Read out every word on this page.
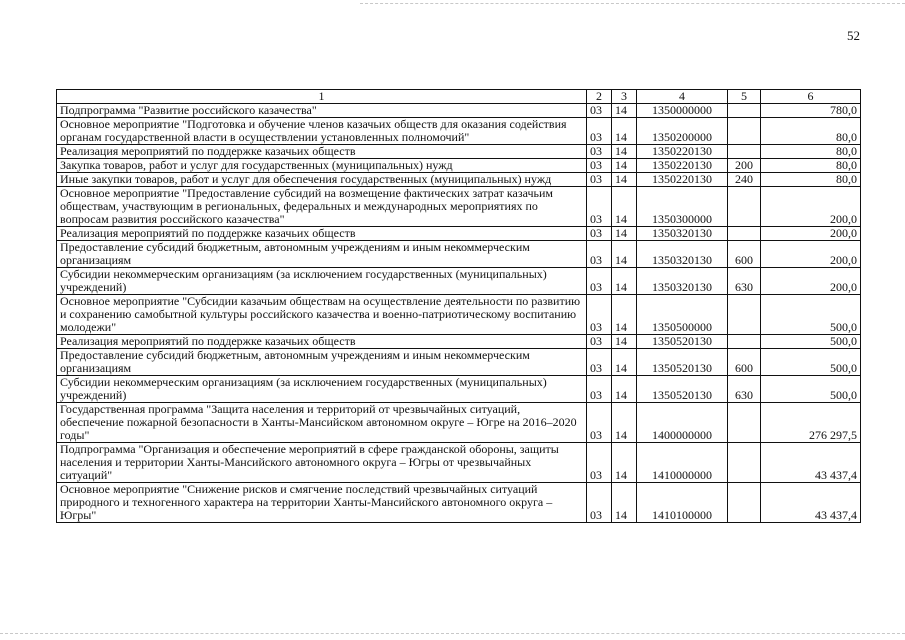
52
1	2	3	4	5	6
Подпрограмма "Развитие российского казачества"	03	14	1350000000		780,0
Основное мероприятие "Подготовка и обучение членов казачьих обществ для оказания содействия органам государственной власти в осуществлении установленных полномочий"	03	14	1350200000		80,0
Реализация мероприятий по поддержке казачьих обществ	03	14	1350220130		80,0
Закупка товаров, работ и услуг для государственных (муниципальных) нужд	03	14	1350220130	200	80,0
Иные закупки товаров, работ и услуг для обеспечения государственных (муниципальных) нужд	03	14	1350220130	240	80,0
Основное мероприятие "Предоставление субсидий на возмещение фактических затрат казачьим обществам, участвующим в региональных, федеральных и международных мероприятиях по вопросам развития российского казачества"	03	14	1350300000		200,0
Реализация мероприятий по поддержке казачьих обществ	03	14	1350320130		200,0
Предоставление субсидий бюджетным, автономным учреждениям и иным некоммерческим организациям	03	14	1350320130	600	200,0
Субсидии некоммерческим организациям (за исключением государственных (муниципальных) учреждений)	03	14	1350320130	630	200,0
Основное мероприятие "Субсидии казачьим обществам на осуществление деятельности по развитию и сохранению самобытной культуры российского казачества и военно-патриотическому воспитанию молодежи"	03	14	1350500000		500,0
Реализация мероприятий по поддержке казачьих обществ	03	14	1350520130		500,0
Предоставление субсидий бюджетным, автономным учреждениям и иным некоммерческим организациям	03	14	1350520130	600	500,0
Субсидии некоммерческим организациям (за исключением государственных (муниципальных) учреждений)	03	14	1350520130	630	500,0
Государственная программа "Защита населения и территорий от чрезвычайных ситуаций, обеспечение пожарной безопасности в Ханты-Мансийском автономном округе – Югре на 2016–2020 годы"	03	14	1400000000		276 297,5
Подпрограмма "Организация и обеспечение мероприятий в сфере гражданской обороны, защиты населения и территории Ханты-Мансийского автономного округа – Югры от чрезвычайных ситуаций"	03	14	1410000000		43 437,4
Основное мероприятие "Снижение рисков и смягчение последствий чрезвычайных ситуаций природного и техногенного характера на территории Ханты-Мансийского автономного округа – Югры"	03	14	1410100000		43 437,4
